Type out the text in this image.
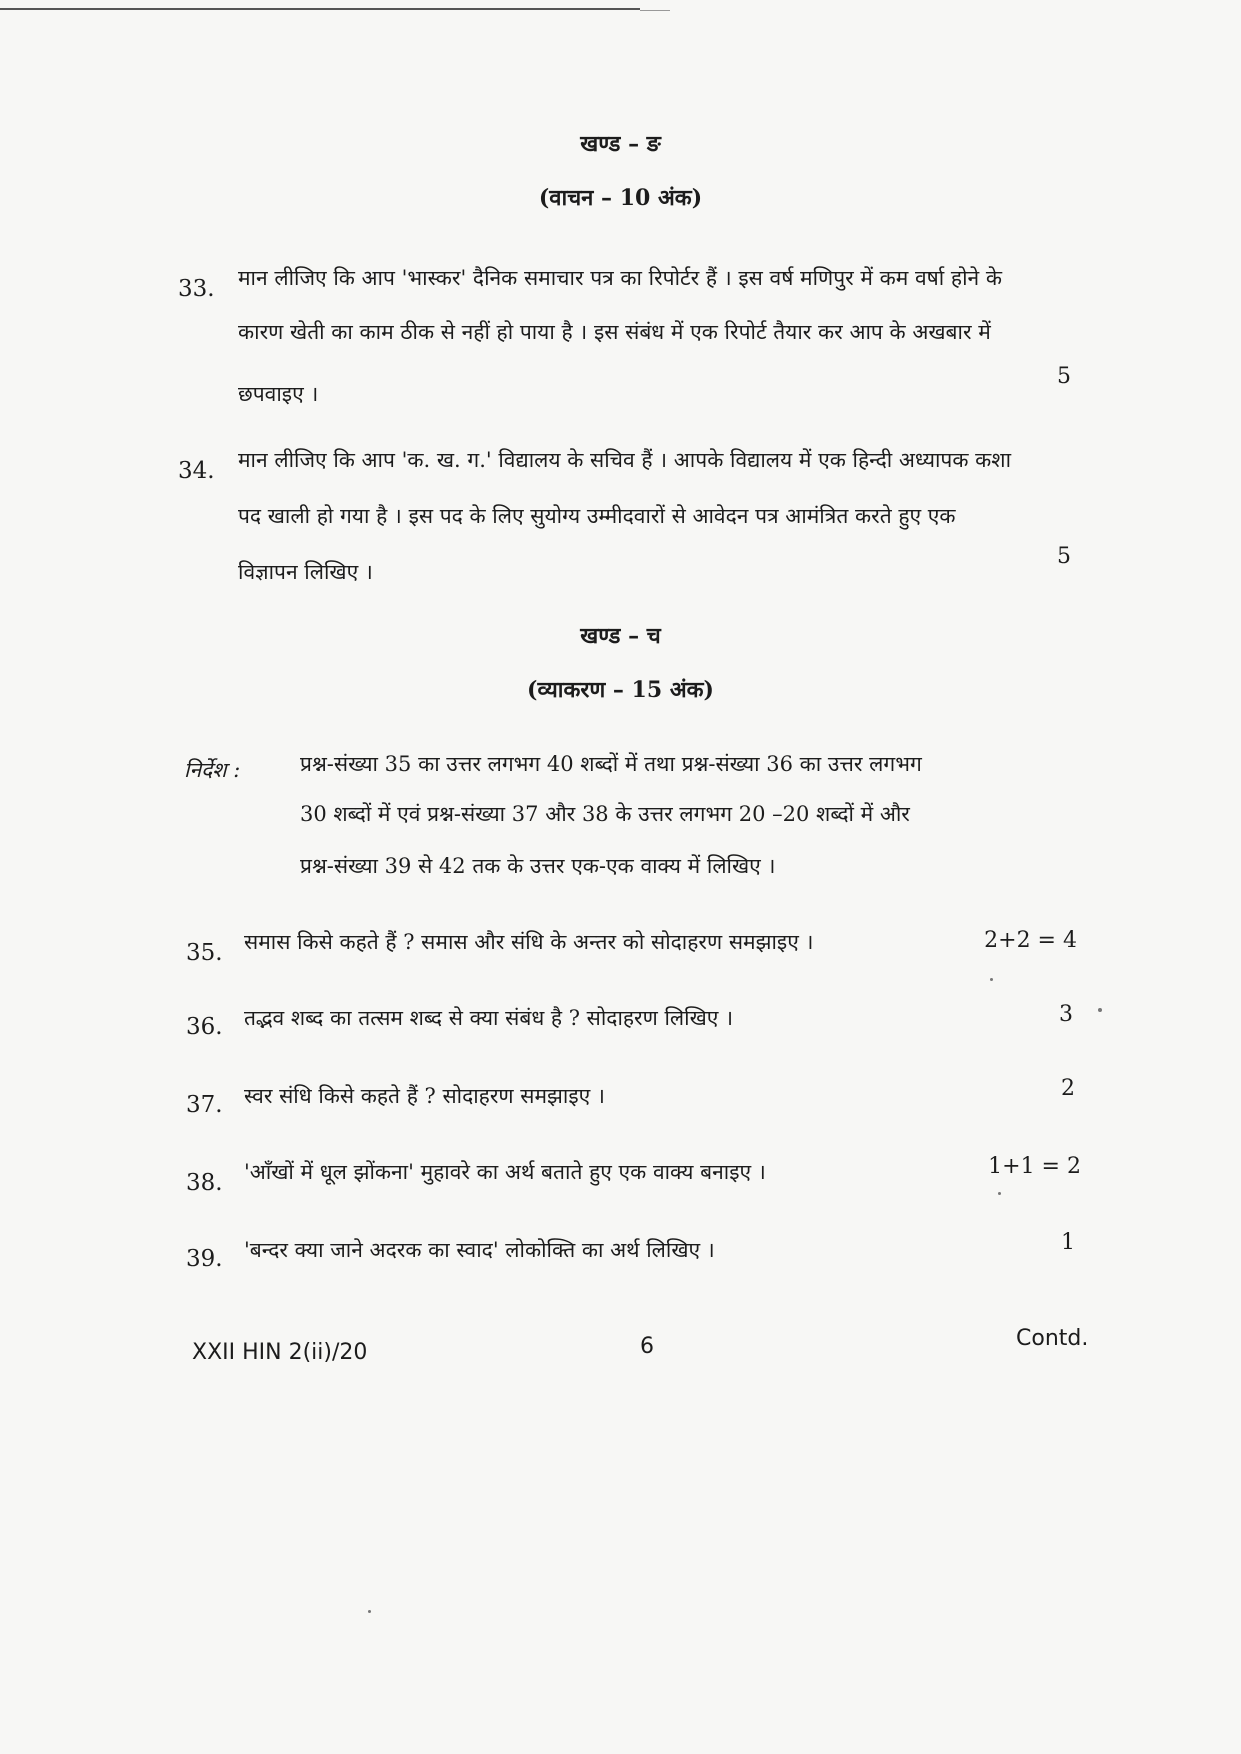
खण्ड – ङ
(वाचन – 10 अंक)
33. मान लीजिए कि आप 'भास्कर' दैनिक समाचार पत्र का रिपोर्टर हैं । इस वर्ष मणिपुर में कम वर्षा होने के
कारण खेती का काम ठीक से नहीं हो पाया है । इस संबंध में एक रिपोर्ट तैयार कर आप के अखबार में
छपवाइए ।
5
34. मान लीजिए कि आप 'क. ख. ग.' विद्यालय के सचिव हैं । आपके विद्यालय में एक हिन्दी अध्यापक कशा
पद खाली हो गया है । इस पद के लिए सुयोग्य उम्मीदवारों से आवेदन पत्र आमंत्रित करते हुए एक
विज्ञापन लिखिए ।
5
खण्ड – च
(व्याकरण – 15 अंक)
निर्देश :	प्रश्न-संख्या 35 का उत्तर लगभग 40 शब्दों में तथा प्रश्न-संख्या 36 का उत्तर लगभग
30 शब्दों में एवं प्रश्न-संख्या 37 और 38 के उत्तर लगभग 20 –20 शब्दों में और
प्रश्न-संख्या 39 से 42 तक के उत्तर एक-एक वाक्य में लिखिए ।
35. समास किसे कहते हैं ? समास और संधि के अन्तर को सोदाहरण समझाइए ।	2+2 = 4
36. तद्भव शब्द का तत्सम शब्द से क्या संबंध है ? सोदाहरण लिखिए ।	3
37. स्वर संधि किसे कहते हैं ? सोदाहरण समझाइए ।	2
38. 'आँखों में धूल झोंकना' मुहावरे का अर्थ बताते हुए एक वाक्य बनाइए ।	1+1 = 2
39. 'बन्दर क्या जाने अदरक का स्वाद' लोकोक्ति का अर्थ लिखिए ।	1
XXII HIN 2(ii)/20	6	Contd.
